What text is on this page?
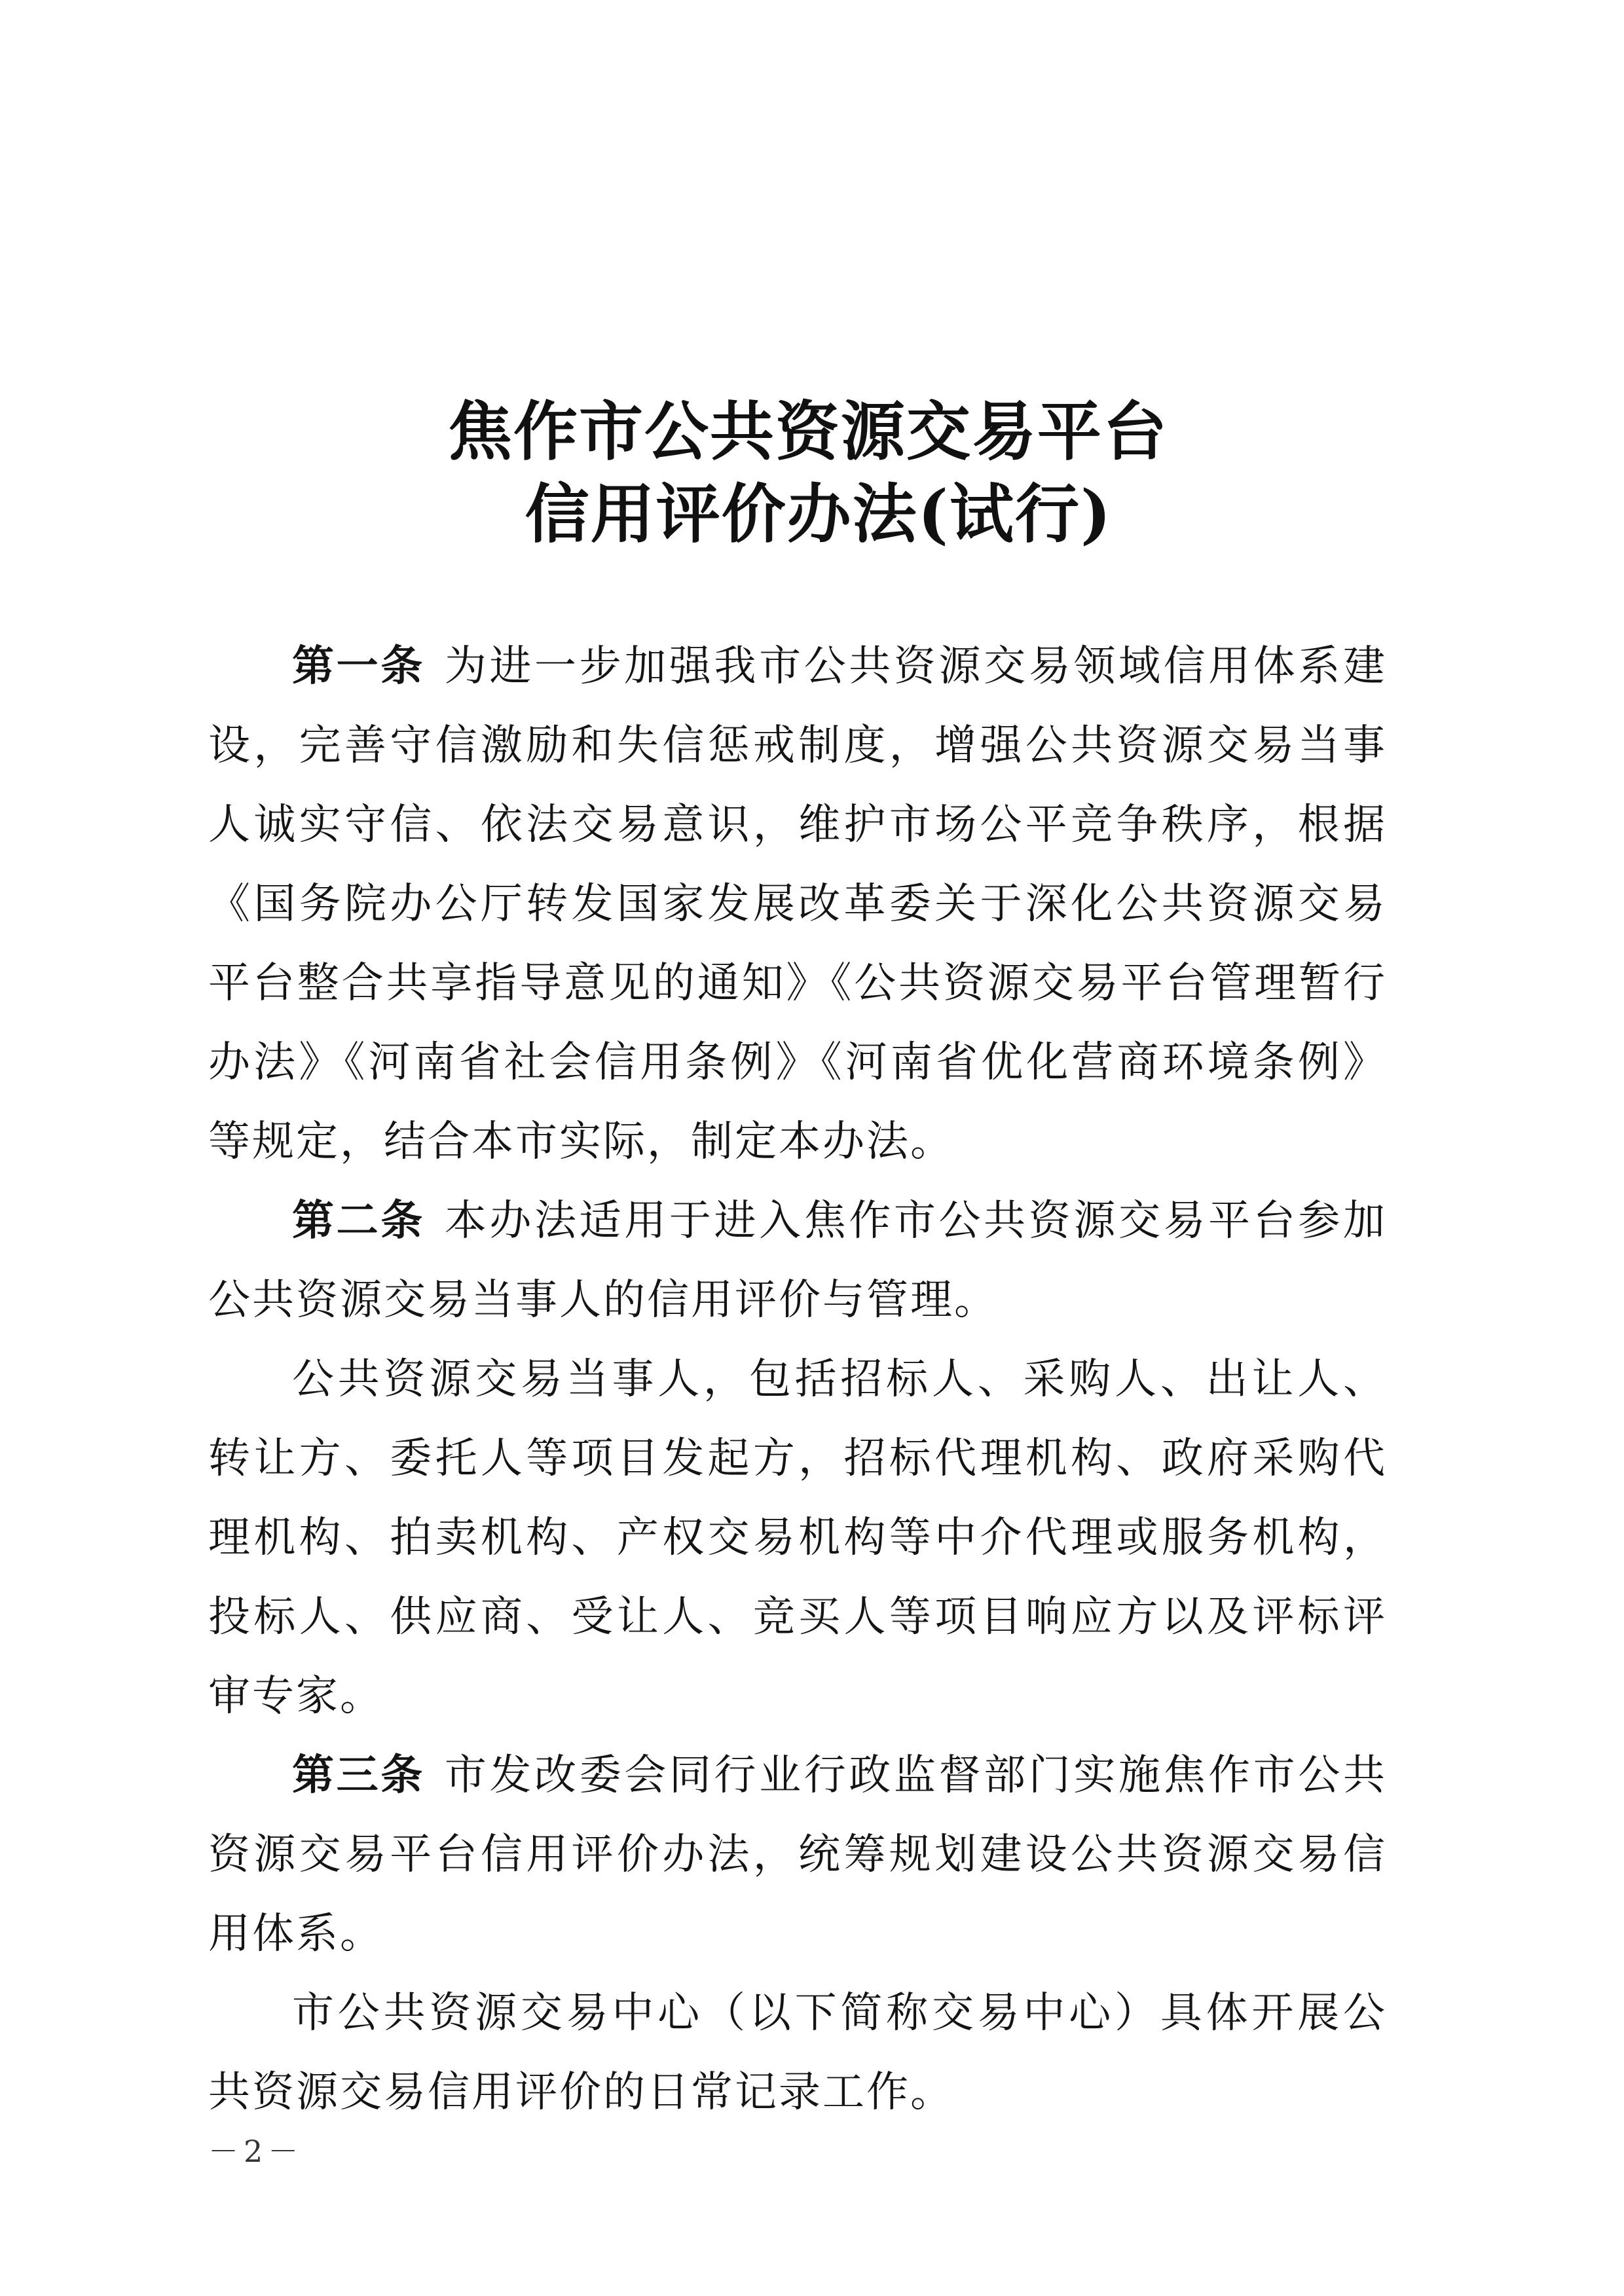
焦作市公共资源交易平台
信用评价办法(试行)

第一条 为进一步加强我市公共资源交易领域信用体系建设，完善守信激励和失信惩戒制度，增强公共资源交易当事人诚实守信、依法交易意识，维护市场公平竞争秩序，根据《国务院办公厅转发国家发展改革委关于深化公共资源交易平台整合共享指导意见的通知》《公共资源交易平台管理暂行办法》《河南省社会信用条例》《河南省优化营商环境条例》等规定，结合本市实际，制定本办法。

第二条 本办法适用于进入焦作市公共资源交易平台参加公共资源交易当事人的信用评价与管理。

公共资源交易当事人，包括招标人、采购人、出让人、转让方、委托人等项目发起方，招标代理机构、政府采购代理机构、拍卖机构、产权交易机构等中介代理或服务机构，投标人、供应商、受让人、竞买人等项目响应方以及评标评审专家。

第三条 市发改委会同行业行政监督部门实施焦作市公共资源交易平台信用评价办法，统筹规划建设公共资源交易信用体系。

市公共资源交易中心（以下简称交易中心）具体开展公共资源交易信用评价的日常记录工作。

－2－
